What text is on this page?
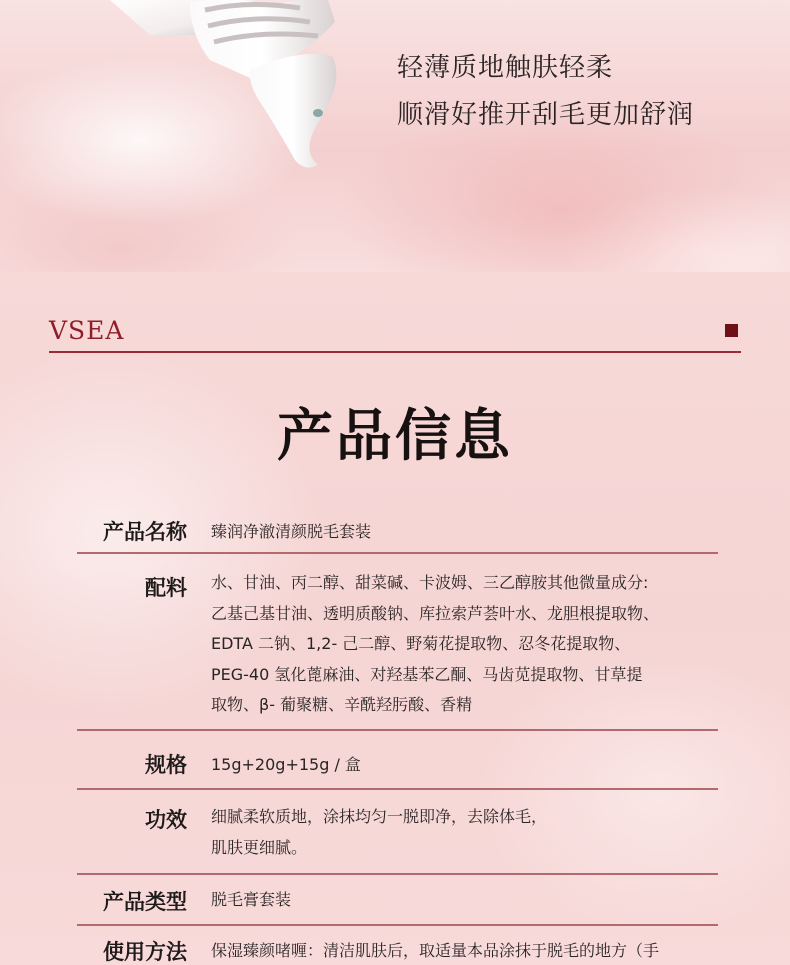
轻薄质地触肤轻柔
顺滑好推开刮毛更加舒润
VSEA
产品信息
产品名称 臻润净澈清颜脱毛套装
配料 水、甘油、丙二醇、甜菜碱、卡波姆、三乙醇胺其他微量成分:
乙基己基甘油、透明质酸钠、库拉索芦荟叶水、龙胆根提取物、
EDTA 二钠、1,2- 己二醇、野菊花提取物、忍冬花提取物、
PEG-40 氢化蓖麻油、对羟基苯乙酮、马齿苋提取物、甘草提
取物、β- 葡聚糖、辛酰羟肟酸、香精
规格 15g+20g+15g / 盒
功效 细腻柔软质地，涂抹均匀一脱即净，去除体毛，
肌肤更细腻。
产品类型 脱毛膏套装
使用方法 保湿臻颜啫喱：清洁肌肤后，取适量本品涂抹于脱毛的地方（手
